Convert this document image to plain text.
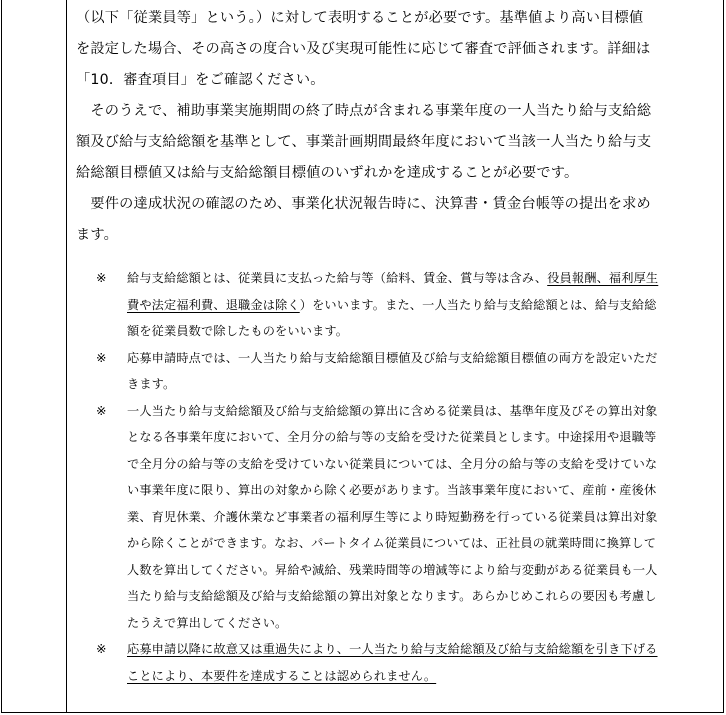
（以下「従業員等」という。）に対して表明することが必要です。基準値より高い目標値

を設定した場合、その高さの度合い及び実現可能性に応じて審査で評価されます。詳細は

「10．審査項目」をご確認ください。

　そのうえで、補助事業実施期間の終了時点が含まれる事業年度の一人当たり給与支給総

額及び給与支給総額を基準として、事業計画期間最終年度において当該一人当たり給与支

給総額目標値又は給与支給総額目標値のいずれかを達成することが必要です。

　要件の達成状況の確認のため、事業化状況報告時に、決算書・賃金台帳等の提出を求め

ます。

※ 給与支給総額とは、従業員に支払った給与等（給料、賃金、賞与等は含み、役員報酬、福利厚生
費や法定福利費、退職金は除く）をいいます。また、一人当たり給与支給総額とは、給与支給総
額を従業員数で除したものをいいます。
※ 応募申請時点では、一人当たり給与支給総額目標値及び給与支給総額目標値の両方を設定いただ
きます。
※ 一人当たり給与支給総額及び給与支給総額の算出に含める従業員は、基準年度及びその算出対象
となる各事業年度において、全月分の給与等の支給を受けた従業員とします。中途採用や退職等
で全月分の給与等の支給を受けていない従業員については、全月分の給与等の支給を受けていな
い事業年度に限り、算出の対象から除く必要があります。当該事業年度において、産前・産後休
業、育児休業、介護休業など事業者の福利厚生等により時短勤務を行っている従業員は算出対象
から除くことができます。なお、パートタイム従業員については、正社員の就業時間に換算して
人数を算出してください。昇給や減給、残業時間等の増減等により給与変動がある従業員も一人
当たり給与支給総額及び給与支給総額の算出対象となります。あらかじめこれらの要因も考慮し
たうえで算出してください。
※ 応募申請以降に故意又は重過失により、一人当たり給与支給総額及び給与支給総額を引き下げる
ことにより、本要件を達成することは認められません。
